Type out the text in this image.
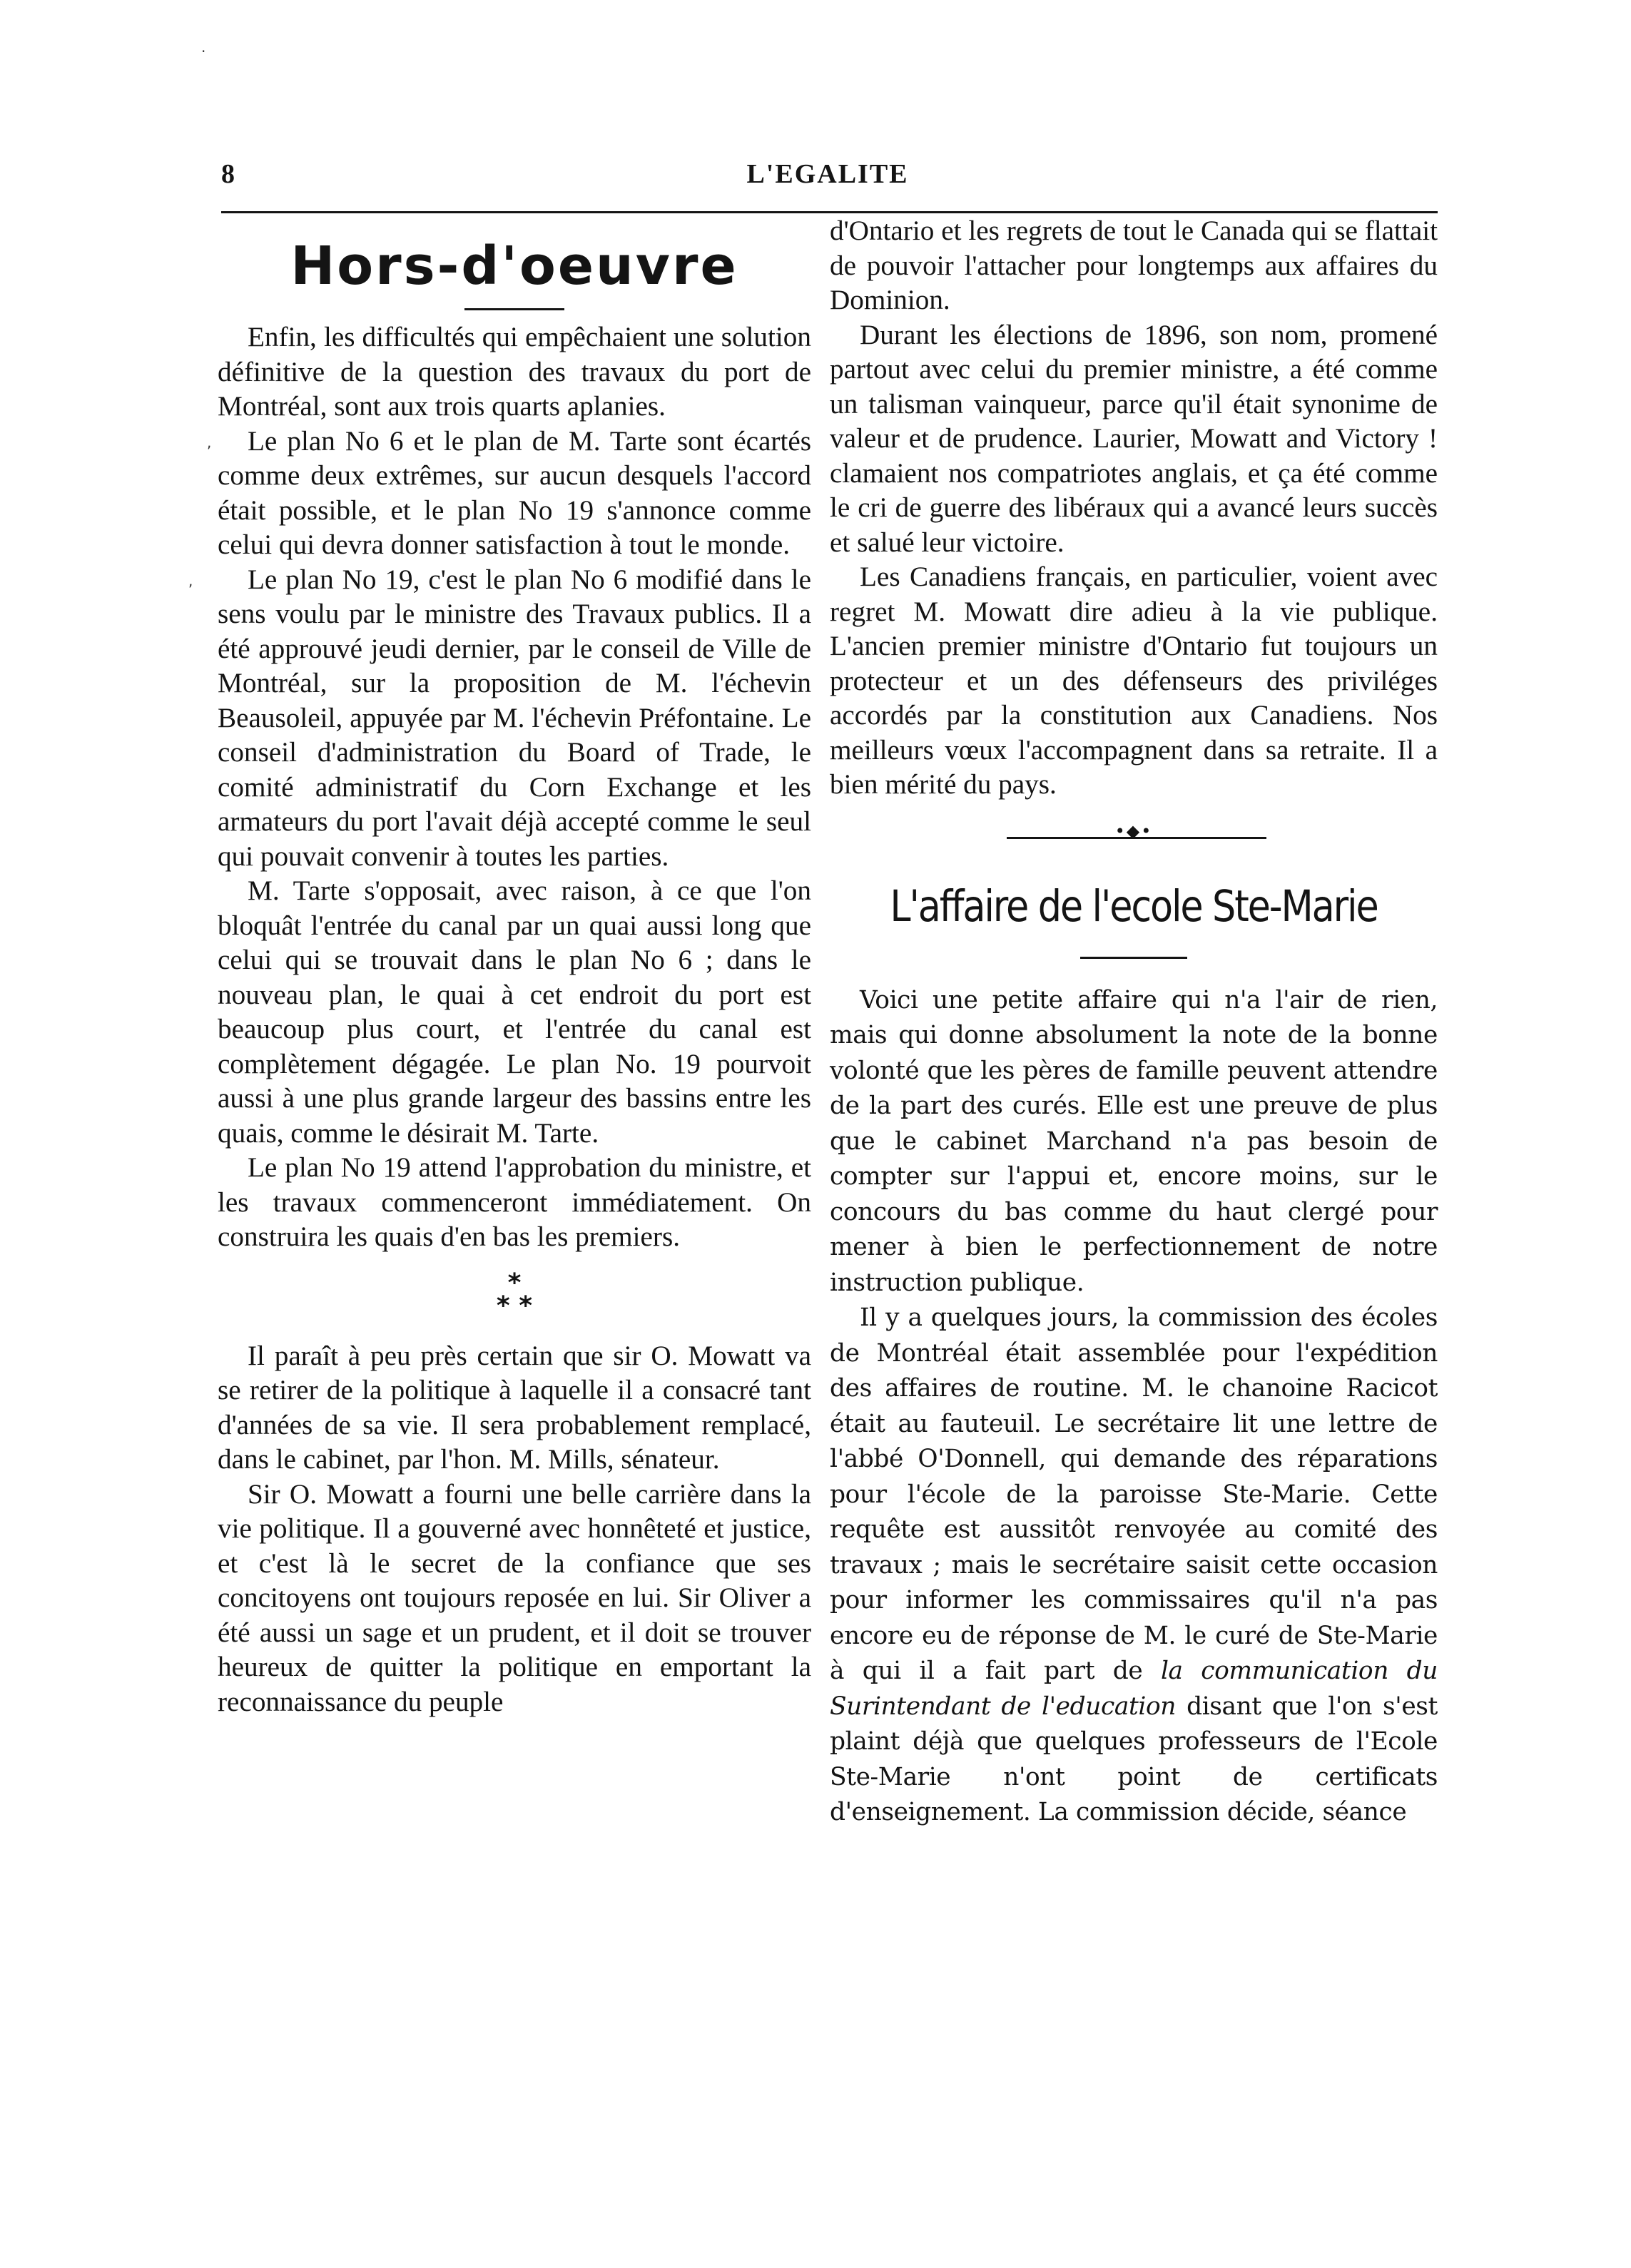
·
,
,
8	L'EGALITE
Hors-d'oeuvre

Enfin, les difficultés qui empêchaient une solution définitive de la question des travaux du port de Montréal, sont aux trois quarts aplanies.

Le plan No 6 et le plan de M. Tarte sont écartés comme deux extrêmes, sur aucun desquels l'accord était possible, et le plan No 19 s'annonce comme celui qui devra donner satisfaction à tout le monde.

Le plan No 19, c'est le plan No 6 modifié dans le sens voulu par le ministre des Travaux publics. Il a été approuvé jeudi dernier, par le conseil de Ville de Montréal, sur la proposition de M. l'échevin Beausoleil, appuyée par M. l'échevin Préfontaine. Le conseil d'administration du Board of Trade, le comité administratif du Corn Exchange et les armateurs du port l'avait déjà accepté comme le seul qui pouvait convenir à toutes les parties.

M. Tarte s'opposait, avec raison, à ce que l'on bloquât l'entrée du canal par un quai aussi long que celui qui se trouvait dans le plan No 6 ; dans le nouveau plan, le quai à cet endroit du port est beaucoup plus court, et l'entrée du canal est complètement dégagée. Le plan No. 19 pourvoit aussi à une plus grande largeur des bassins entre les quais, comme le désirait M. Tarte.

Le plan No 19 attend l'approbation du ministre, et les travaux commenceront immédiatement. On construira les quais d'en bas les premiers.

*
* *

Il paraît à peu près certain que sir O. Mowatt va se retirer de la politique à laquelle il a consacré tant d'années de sa vie. Il sera probablement remplacé, dans le cabinet, par l'hon. M. Mills, sénateur.

Sir O. Mowatt a fourni une belle carrière dans la vie politique. Il a gouverné avec honnêteté et justice, et c'est là le secret de la confiance que ses concitoyens ont toujours reposée en lui. Sir Oliver a été aussi un sage et un prudent, et il doit se trouver heureux de quitter la politique en emportant la reconnaissance du peuple

d'Ontario et les regrets de tout le Canada qui se flattait de pouvoir l'attacher pour longtemps aux affaires du Dominion.

Durant les élections de 1896, son nom, promené partout avec celui du premier ministre, a été comme un talisman vainqueur, parce qu'il était synonime de valeur et de prudence. Laurier, Mowatt and Victory ! clamaient nos compatriotes anglais, et ça été comme le cri de guerre des libéraux qui a avancé leurs succès et salué leur victoire.

Les Canadiens français, en particulier, voient avec regret M. Mowatt dire adieu à la vie publique. L'ancien premier ministre d'Ontario fut toujours un protecteur et un des défenseurs des priviléges accordés par la constitution aux Canadiens. Nos meilleurs vœux l'accompagnent dans sa retraite. Il a bien mérité du pays.

•◆•
L'affaire de l'ecole Ste-Marie

Voici une petite affaire qui n'a l'air de rien, mais qui donne absolument la note de la bonne volonté que les pères de famille peuvent attendre de la part des curés. Elle est une preuve de plus que le cabinet Marchand n'a pas besoin de compter sur l'appui et, encore moins, sur le concours du bas comme du haut clergé pour mener à bien le perfectionnement de notre instruction publique.

Il y a quelques jours, la commission des écoles de Montréal était assemblée pour l'expédition des affaires de routine. M. le chanoine Racicot était au fauteuil. Le secrétaire lit une lettre de l'abbé O'Donnell, qui demande des réparations pour l'école de la paroisse Ste-Marie. Cette requête est aussitôt renvoyée au comité des travaux ; mais le secrétaire saisit cette occasion pour informer les commissaires qu'il n'a pas encore eu de réponse de M. le curé de Ste-Marie à qui il a fait part de la communication du Surintendant de l'education disant que l'on s'est plaint déjà que quelques professeurs de l'Ecole Ste-Marie n'ont point de certificats d'enseignement. La commission décide, séance
